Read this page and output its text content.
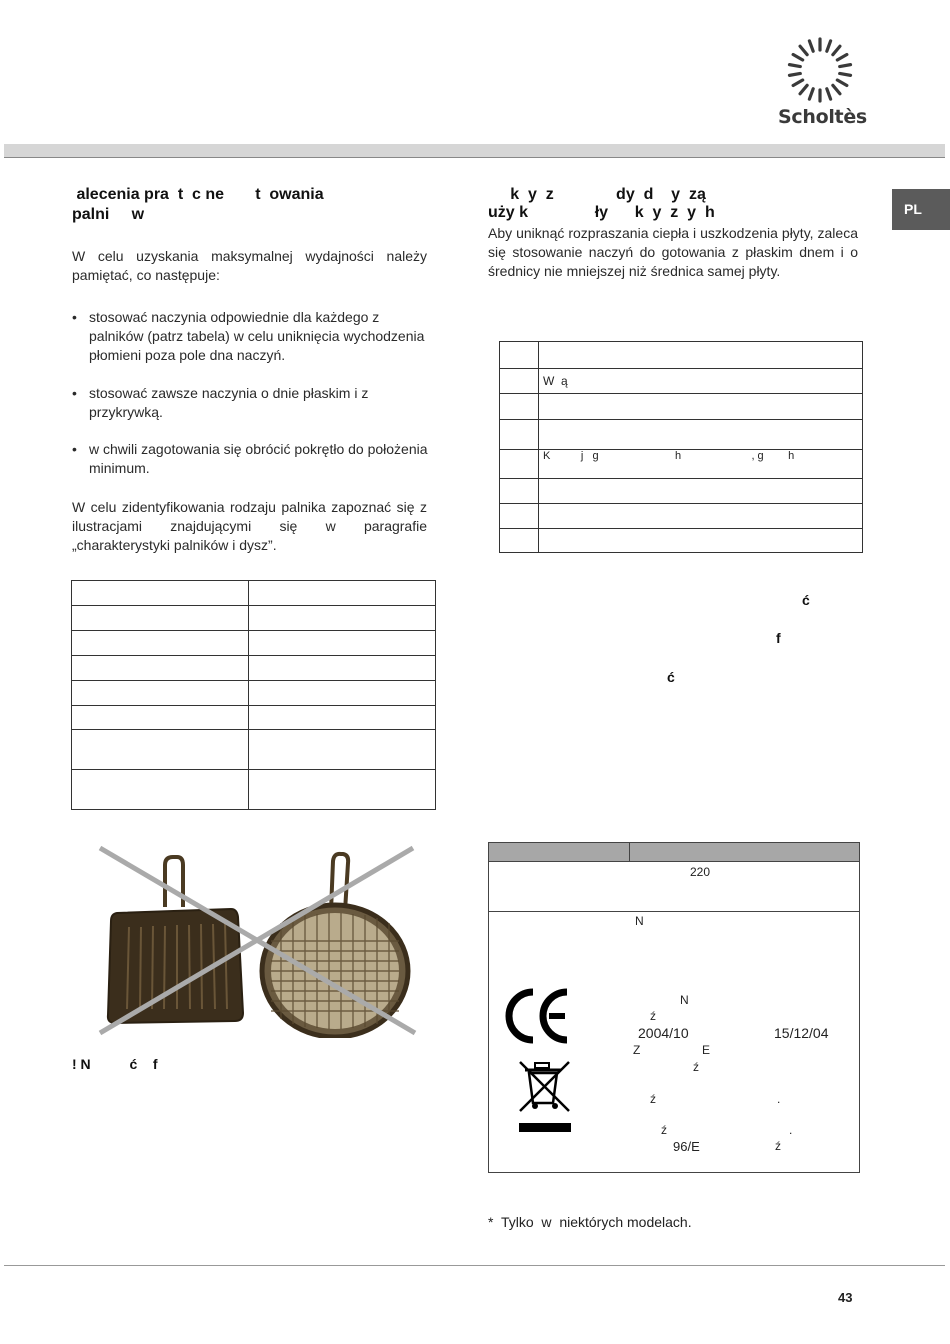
Scholtès
PL
alecenia pra  t  c ne       t  owania
palni     w
W celu uzyskania maksymalnej wydajności należy pamiętać, co następuje:
• stosować naczynia odpowiednie dla każdego z palników (patrz tabela) w celu uniknięcia wychodzenia płomieni poza pole dna naczyń.
• stosować zawsze naczynia o dnie płaskim i z przykrywką.
• w chwili zagotowania się obrócić pokrętło do położenia minimum.
W celu zidentyfikowania rodzaju palnika zapoznać się z ilustracjami znajdującymi się w paragrafie „charakterystyki palników i dysz”.

! N          ć    f
k  y  z              dy  d    y  zą
uży k               ły      k  y  z  y  h
Aby uniknąć rozpraszania ciepła i uszkodzenia płyty, zaleca się stosowanie naczyń do gotowania z płaskim dnem i o średnicy nie mniejszej niż średnica samej płyty.

	W  ą

	K          j   g                         h                       , g        h

ć
f
ć
220
N
N
ź
2004/10	15/12/04
Z	E
ź
ź	.
ź	.
96/E	ź
*  Tylko  w  niektórych modelach.
43
